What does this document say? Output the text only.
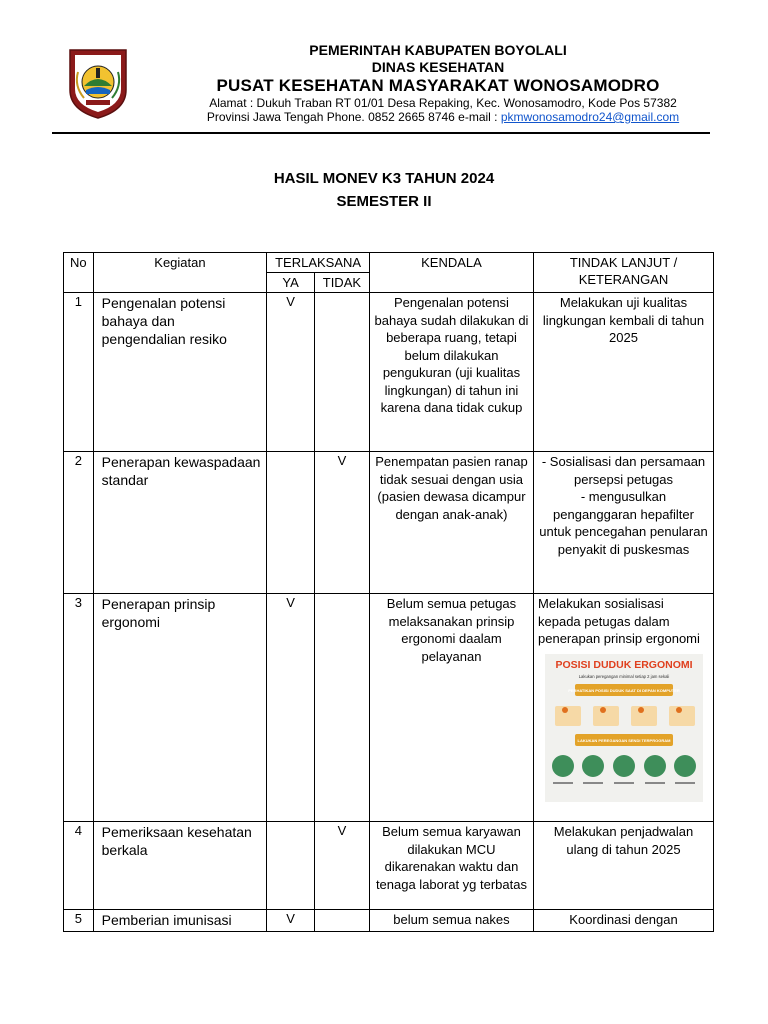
PEMERINTAH KABUPATEN BOYOLALI
DINAS KESEHATAN
PUSAT KESEHATAN MASYARAKAT WONOSAMODRO
Alamat : Dukuh Traban RT 01/01 Desa Repaking, Kec. Wonosamodro, Kode Pos 57382
Provinsi Jawa Tengah Phone. 0852 2665 8746 e-mail : pkmwonosamodro24@gmail.com
HASIL MONEV K3 TAHUN 2024
SEMESTER II
No	Kegiatan	TERLAKSANA		KENDALA	TINDAK LANJUT / KETERANGAN
		YA	TIDAK		
1	Pengenalan potensi bahaya dan pengendalian resiko	V		Pengenalan potensi bahaya sudah dilakukan di beberapa ruang, tetapi belum dilakukan pengukuran (uji kualitas lingkungan) di tahun ini karena dana tidak cukup	Melakukan uji kualitas lingkungan kembali di tahun 2025
2	Penerapan kewaspadaan standar		V	Penempatan pasien ranap tidak sesuai dengan usia (pasien dewasa dicampur dengan anak-anak)	- Sosialisasi dan persamaan persepsi petugas
- mengusulkan penganggaran hepafilter untuk pencegahan penularan penyakit di puskesmas

3	Penerapan prinsip ergonomi	V		Belum semua petugas melaksanakan prinsip ergonomi daalam pelayanan	Melakukan sosialisasi kepada petugas dalam penerapan prinsip ergonomi
POSISI DUDUK ERGONOMI
Lakukan peregangan minimal setiap 2 jam sekali
PERHATIKAN POSISI DUDUK SAAT DI DEPAN KOMPUTER
LAKUKAN PEREGANGAN SENDI TERPROGRAM

4	Pemeriksaan kesehatan berkala		V	Belum semua karyawan dilakukan MCU dikarenakan waktu dan tenaga laborat yg terbatas	Melakukan penjadwalan ulang di tahun 2025
5	Pemberian imunisasi	V		belum semua nakes	Koordinasi dengan
